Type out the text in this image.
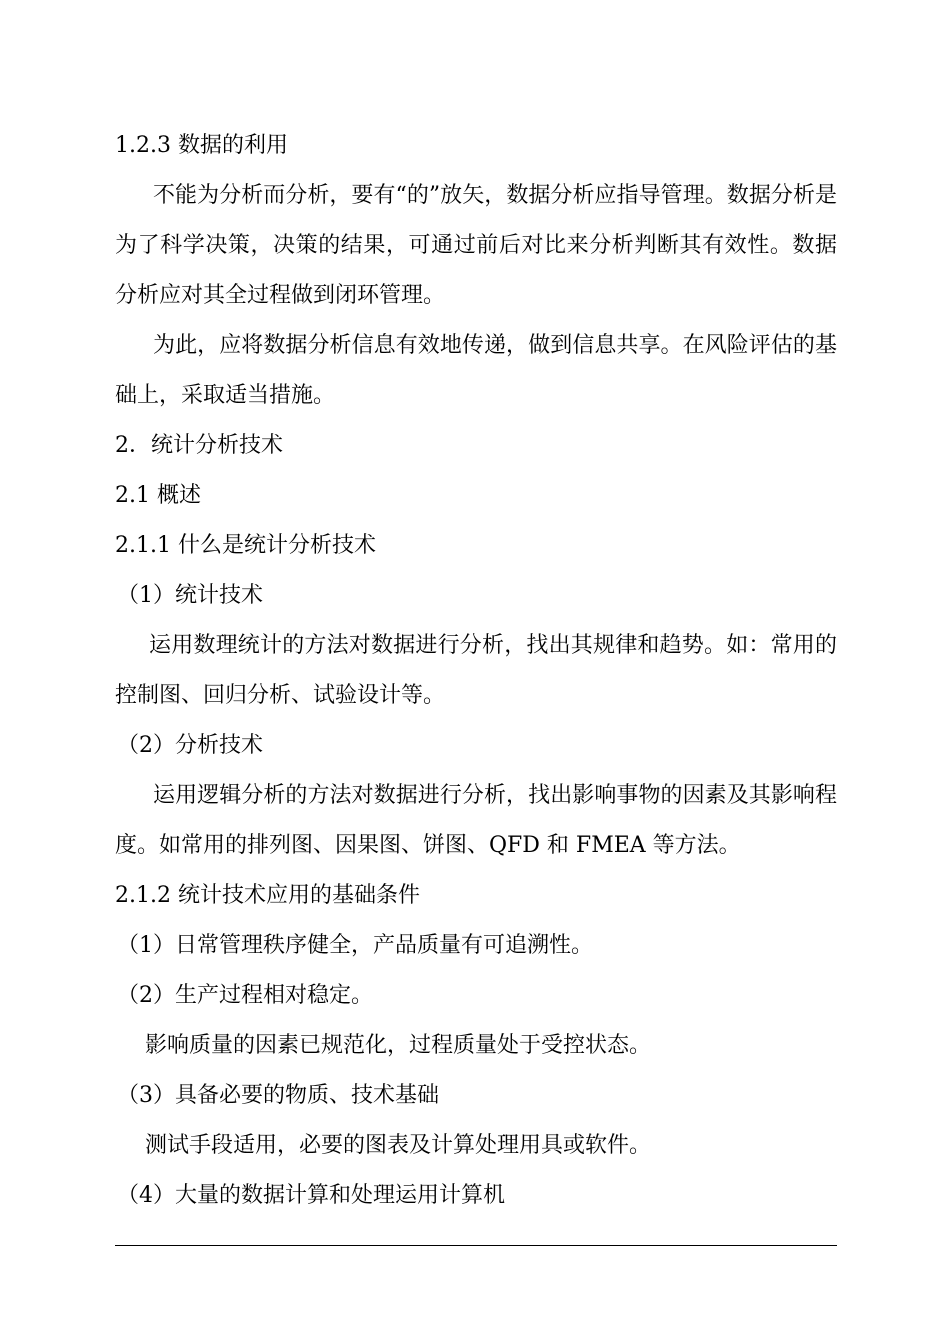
1.2.3 数据的利用
不能为分析而分析，要有“的”放矢，数据分析应指导管理。数据分析是为了科学决策，决策的结果，可通过前后对比来分析判断其有效性。数据分析应对其全过程做到闭环管理。
为此，应将数据分析信息有效地传递，做到信息共享。在风险评估的基础上，采取适当措施。
2．统计分析技术
2.1 概述
2.1.1 什么是统计分析技术
（1）统计技术
运用数理统计的方法对数据进行分析，找出其规律和趋势。如：常用的控制图、回归分析、试验设计等。
（2）分析技术
运用逻辑分析的方法对数据进行分析，找出影响事物的因素及其影响程度。如常用的排列图、因果图、饼图、QFD 和 FMEA 等方法。
2.1.2 统计技术应用的基础条件
（1）日常管理秩序健全，产品质量有可追溯性。
（2）生产过程相对稳定。
影响质量的因素已规范化，过程质量处于受控状态。
（3）具备必要的物质、技术基础
测试手段适用，必要的图表及计算处理用具或软件。
（4）大量的数据计算和处理运用计算机
